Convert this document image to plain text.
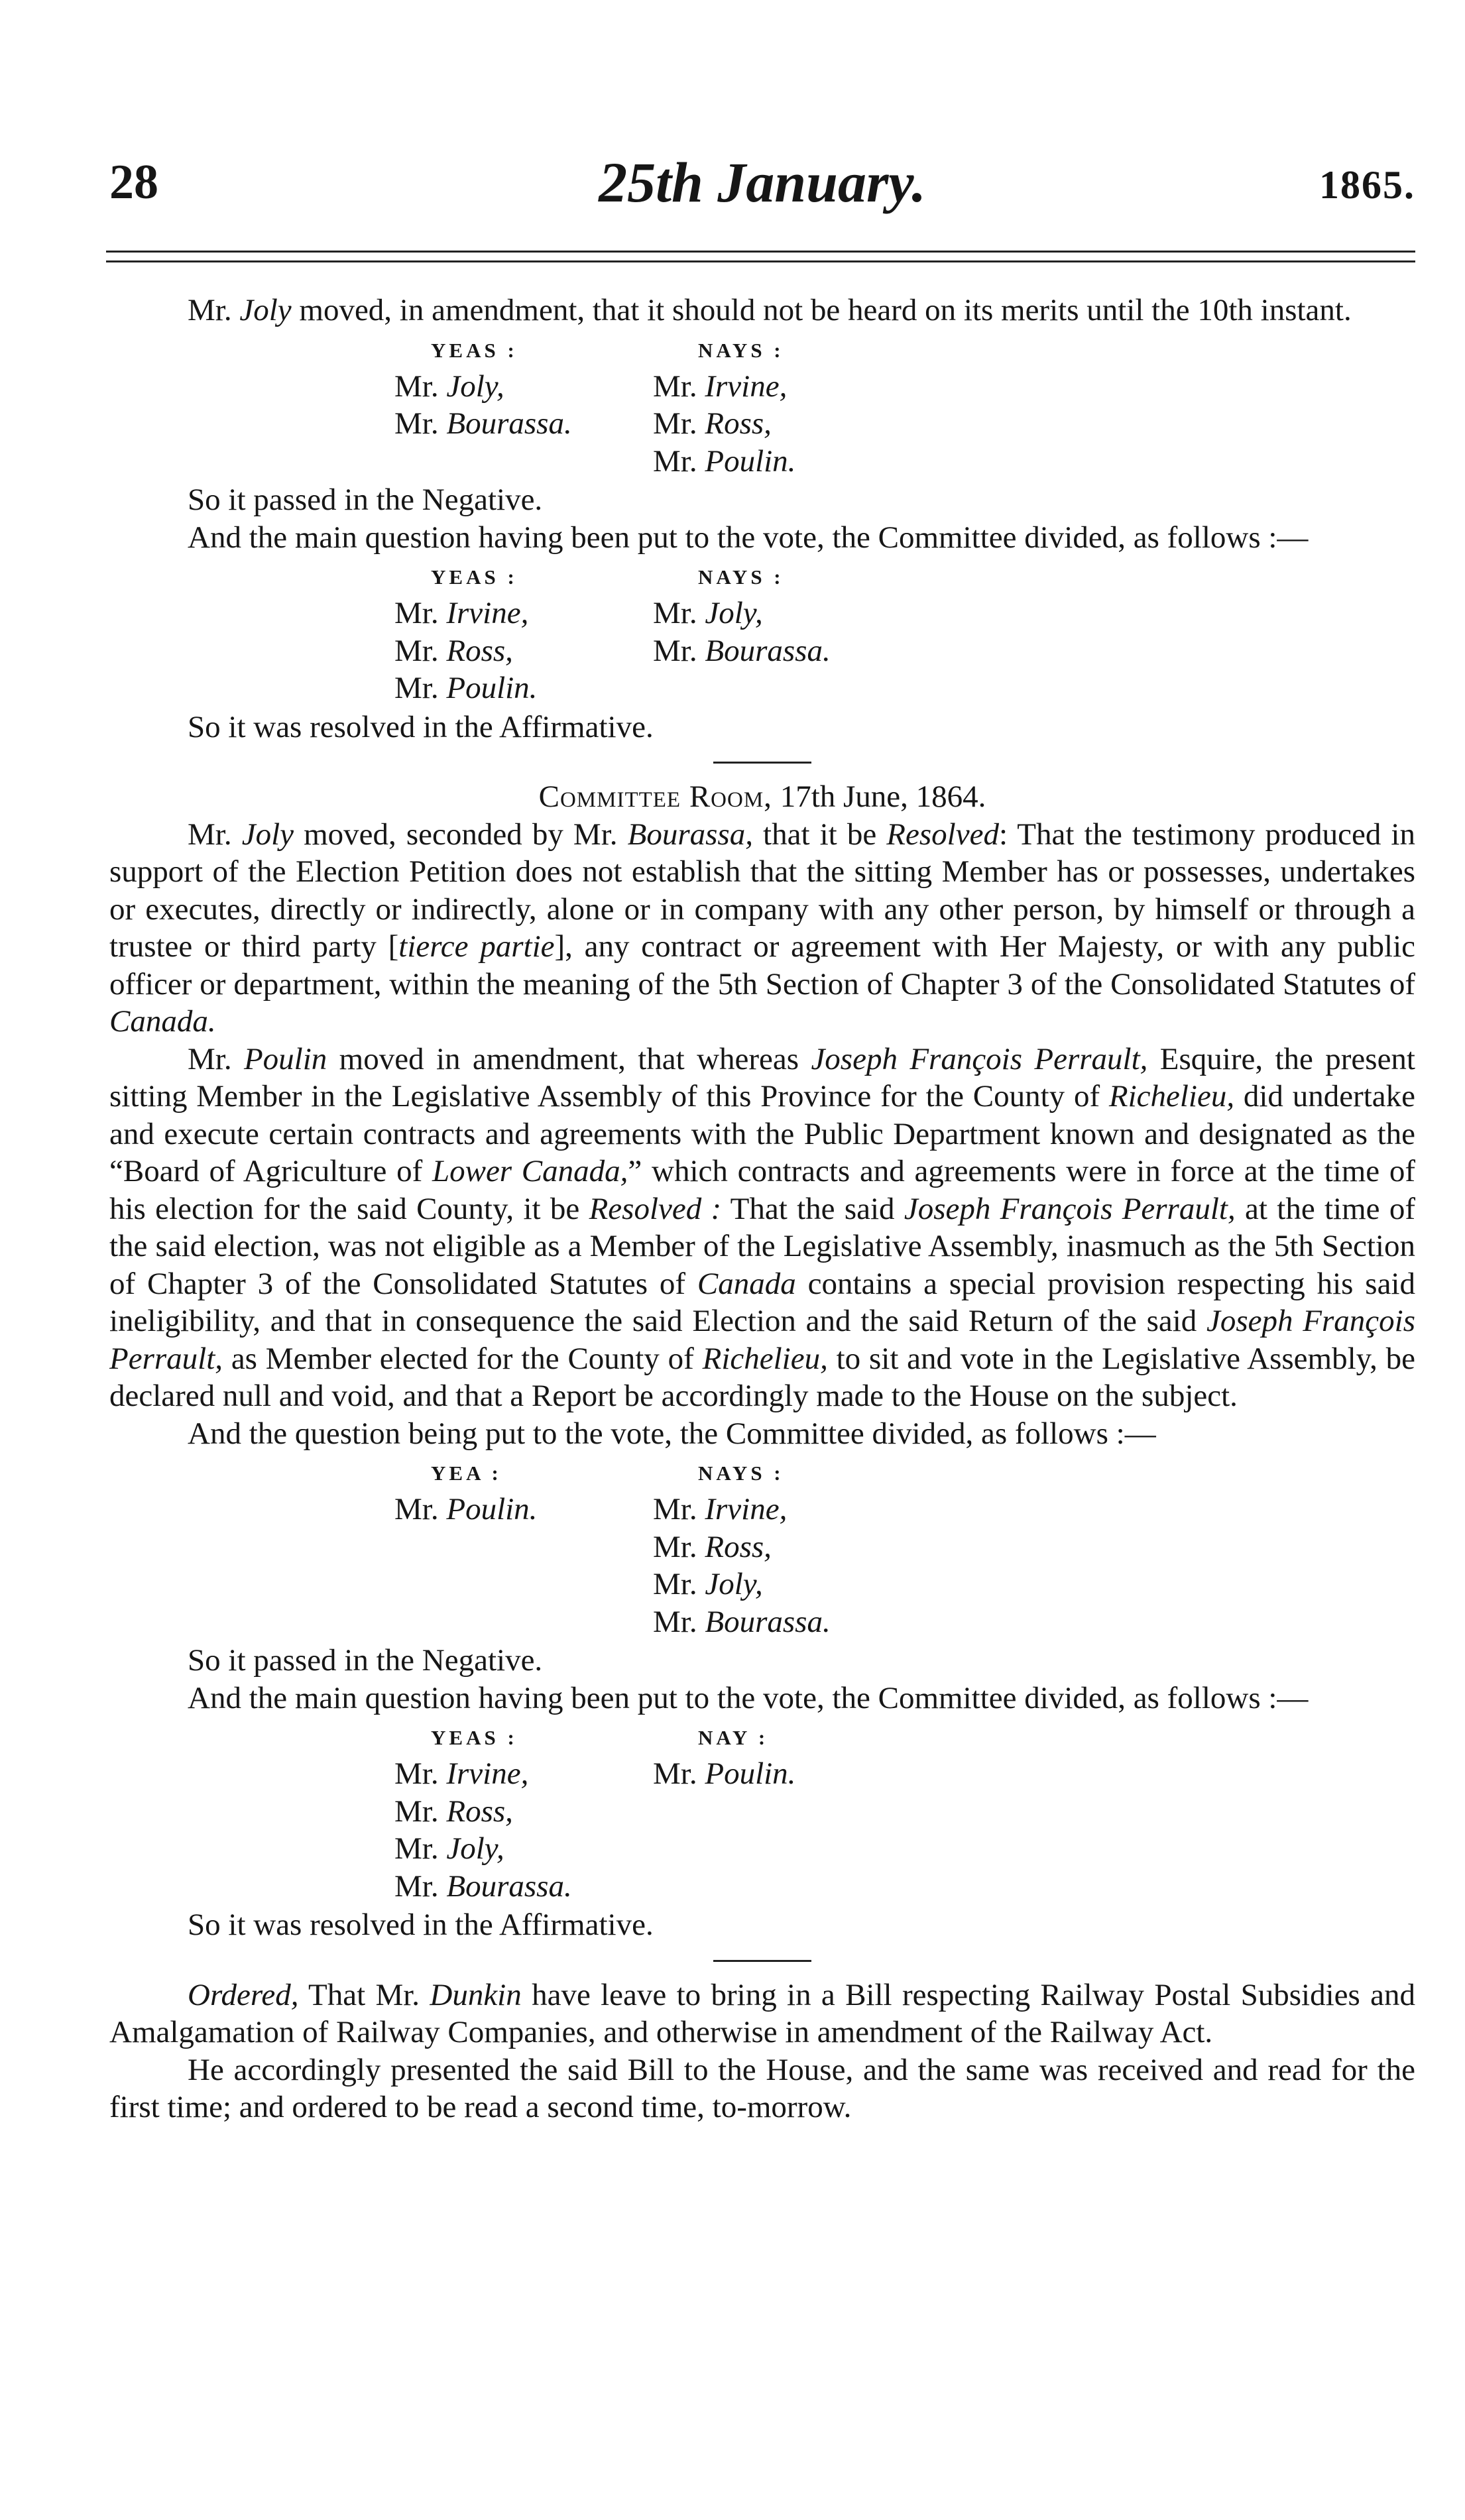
28	25th January.	1865.

Mr. Joly moved, in amendment, that it should not be heard on its merits until the 10th instant.

YEAS :
Mr. Joly,
Mr. Bourassa.
NAYS :
Mr. Irvine,
Mr. Ross,
Mr. Poulin.

So it passed in the Negative.

And the main question having been put to the vote, the Committee divided, as follows :—

YEAS :
Mr. Irvine,
Mr. Ross,
Mr. Poulin.
NAYS :
Mr. Joly,
Mr. Bourassa.

So it was resolved in the Affirmative.

Committee Room, 17th June, 1864.

Mr. Joly moved, seconded by Mr. Bourassa, that it be Resolved: That the testimony produced in support of the Election Petition does not establish that the sitting Member has or possesses, undertakes or executes, directly or indirectly, alone or in company with any other person, by himself or through a trustee or third party [tierce partie], any contract or agreement with Her Majesty, or with any public officer or department, within the meaning of the 5th Section of Chapter 3 of the Consolidated Statutes of Canada.

Mr. Poulin moved in amendment, that whereas Joseph François Perrault, Esquire, the present sitting Member in the Legislative Assembly of this Province for the County of Richelieu, did undertake and execute certain contracts and agreements with the Public Department known and designated as the “Board of Agriculture of Lower Canada,” which contracts and agreements were in force at the time of his election for the said County, it be Resolved : That the said Joseph François Perrault, at the time of the said election, was not eligible as a Member of the Legislative Assembly, inasmuch as the 5th Section of Chapter 3 of the Consolidated Statutes of Canada contains a special provision respecting his said ineligibility, and that in consequence the said Election and the said Return of the said Joseph François Perrault, as Member elected for the County of Richelieu, to sit and vote in the Legislative Assembly, be declared null and void, and that a Report be accordingly made to the House on the subject.

And the question being put to the vote, the Committee divided, as follows :—

YEA :
Mr. Poulin.
NAYS :
Mr. Irvine,
Mr. Ross,
Mr. Joly,
Mr. Bourassa.

So it passed in the Negative.

And the main question having been put to the vote, the Committee divided, as follows :—

YEAS :
Mr. Irvine,
Mr. Ross,
Mr. Joly,
Mr. Bourassa.
NAY :
Mr. Poulin.

So it was resolved in the Affirmative.

Ordered, That Mr. Dunkin have leave to bring in a Bill respecting Railway Postal Subsidies and Amalgamation of Railway Companies, and otherwise in amendment of the Railway Act.

He accordingly presented the said Bill to the House, and the same was received and read for the first time; and ordered to be read a second time, to-morrow.
